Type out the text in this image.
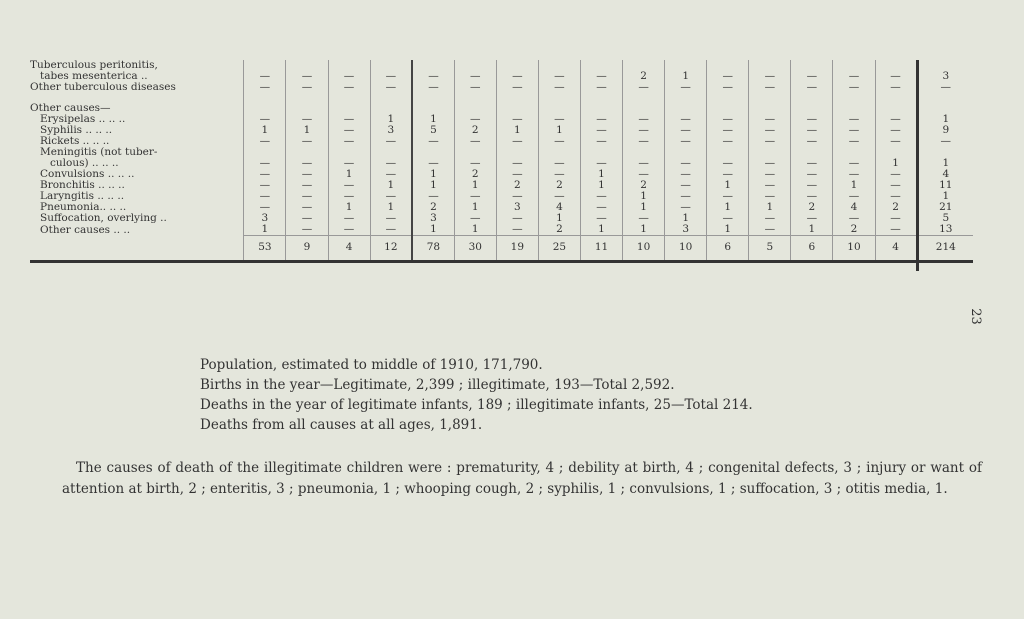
Tuberculous peritonitis,																	
tabes mesenterica ..	—	—	—	—	—	—	—	—	—	2	1	—	—	—	—	—	3
Other tuberculous diseases	—	—	—	—	—	—	—	—	—	—	—	—	—	—	—	—	—

Other causes—																	
Erysipelas .. .. ..	—	—	—	1	1	—	—	—	—	—	—	—	—	—	—	—	1
Syphilis .. .. ..	1	1	—	3	5	2	1	1	—	—	—	—	—	—	—	—	9
Rickets .. .. ..	—	—	—	—	—	—	—	—	—	—	—	—	—	—	—	—	—
Meningitis (not tuber-																	
culous) .. .. ..	—	—	—	—	—	—	—	—	—	—	—	—	—	—	—	1	1
Convulsions .. .. ..	—	—	1	—	1	2	—	—	1	—	—	—	—	—	—	—	4
Bronchitis .. .. ..	—	—	—	1	1	1	2	2	1	2	—	1	—	—	1	—	11
Laryngitis .. .. ..	—	—	—	—	—	—	—	—	—	1	—	—	—	—	—	—	1
Pneumonia.. .. ..	—	—	1	1	2	1	3	4	—	1	—	1	1	2	4	2	21
Suffocation, overlying ..	3	—	—	—	3	—	—	1	—	—	1	—	—	—	—	—	5
Other causes .. ..	1	—	—	—	1	1	—	2	1	1	3	1	—	1	2	—	13
	53	9	4	12	78	30	19	25	11	10	10	6	5	6	10	4	214

23

Population, estimated to middle of 1910, 171,790.

Births in the year—Legitimate, 2,399 ; illegitimate, 193—Total 2,592.

Deaths in the year of legitimate infants, 189 ; illegitimate infants, 25—Total 214.

Deaths from all causes at all ages, 1,891.

The causes of death of the illegitimate children were : prematurity, 4 ; debility at birth, 4 ; congenital defects, 3 ; injury or want of attention at birth, 2 ; enteritis, 3 ; pneumonia, 1 ; whooping cough, 2 ; syphilis, 1 ; convulsions, 1 ; suffocation, 3 ; otitis media, 1.
